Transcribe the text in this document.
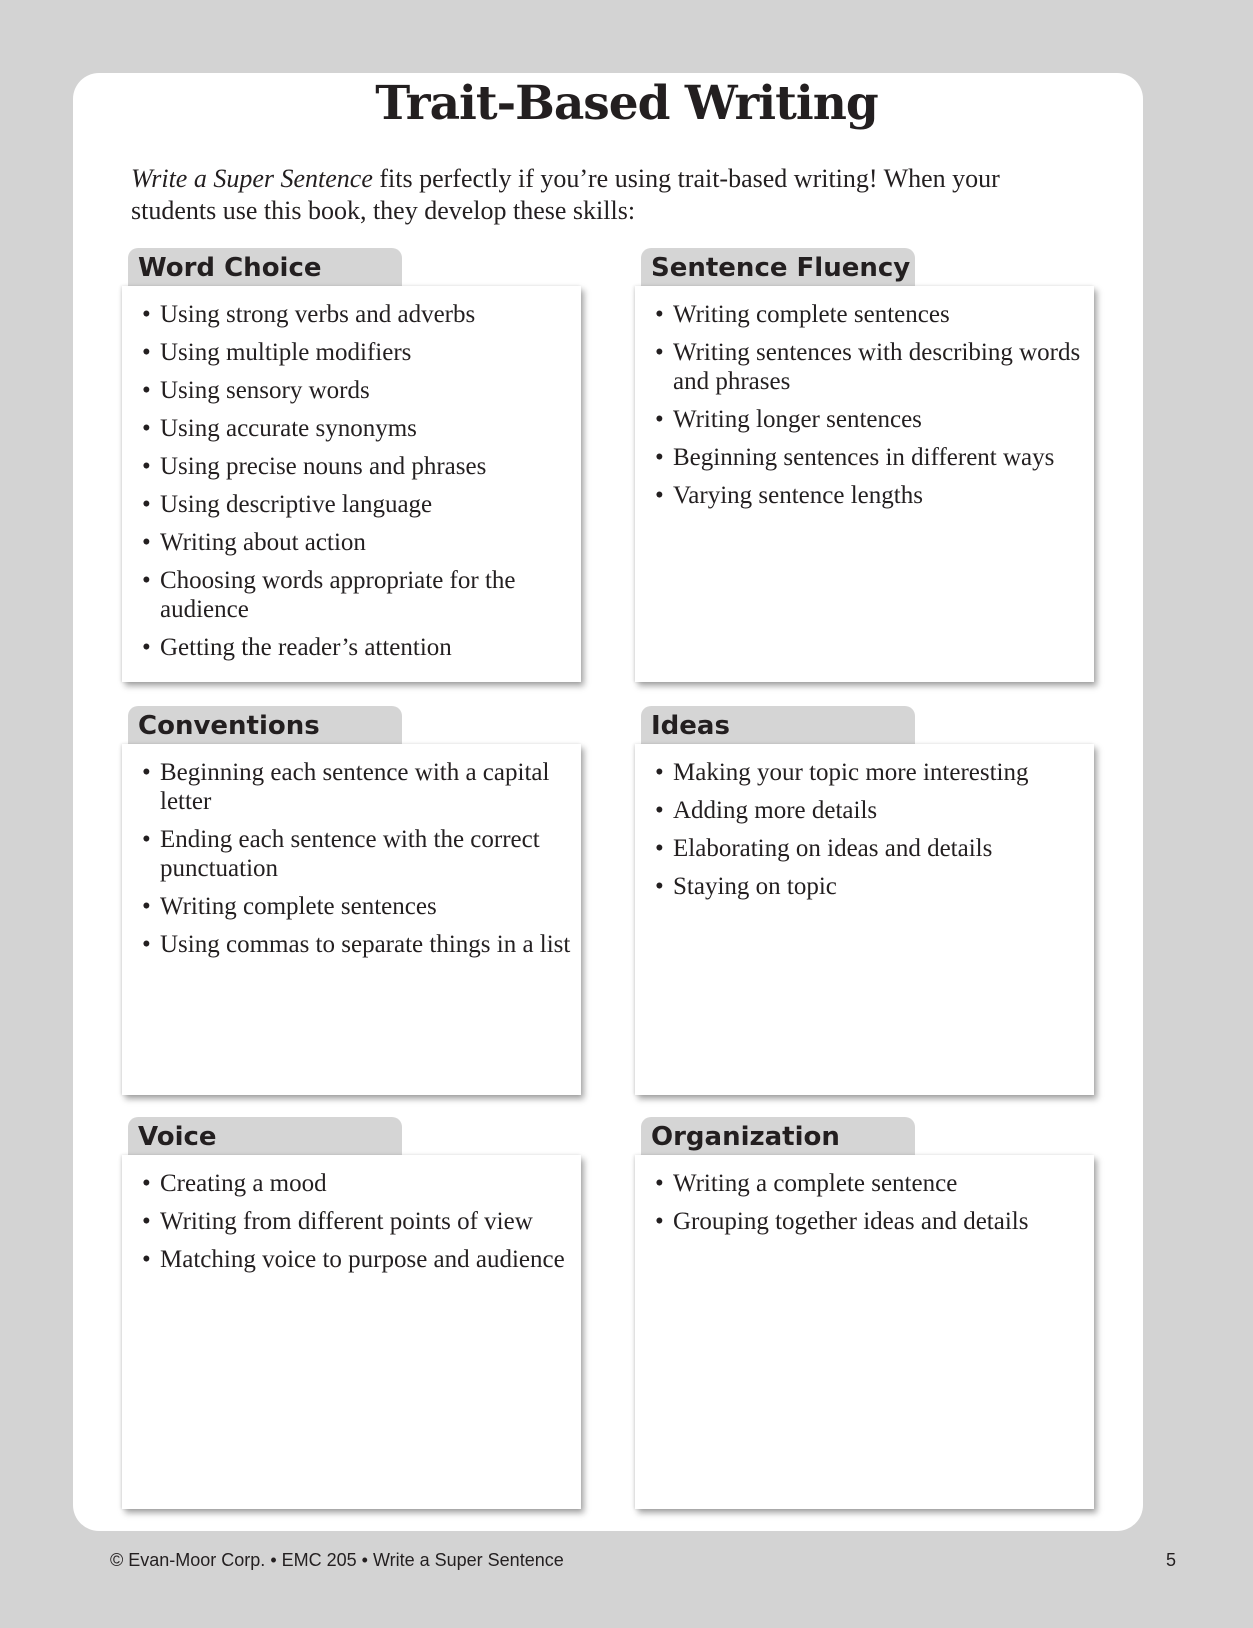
Trait-Based Writing

Write a Super Sentence fits perfectly if you’re using trait-based writing! When your students use this book, they develop these skills:

Word Choice
• Using strong verbs and adverbs
• Using multiple modifiers
• Using sensory words
• Using accurate synonyms
• Using precise nouns and phrases
• Using descriptive language
• Writing about action
• Choosing words appropriate for the audience
• Getting the reader’s attention
Sentence Fluency
• Writing complete sentences
• Writing sentences with describing words and phrases
• Writing longer sentences
• Beginning sentences in different ways
• Varying sentence lengths
Conventions
• Beginning each sentence with a capital letter
• Ending each sentence with the correct punctuation
• Writing complete sentences
• Using commas to separate things in a list
Ideas
• Making your topic more interesting
• Adding more details
• Elaborating on ideas and details
• Staying on topic
Voice
• Creating a mood
• Writing from different points of view
• Matching voice to purpose and audience
Organization
• Writing a complete sentence
• Grouping together ideas and details
© Evan-Moor Corp. • EMC 205 • Write a Super Sentence	5
